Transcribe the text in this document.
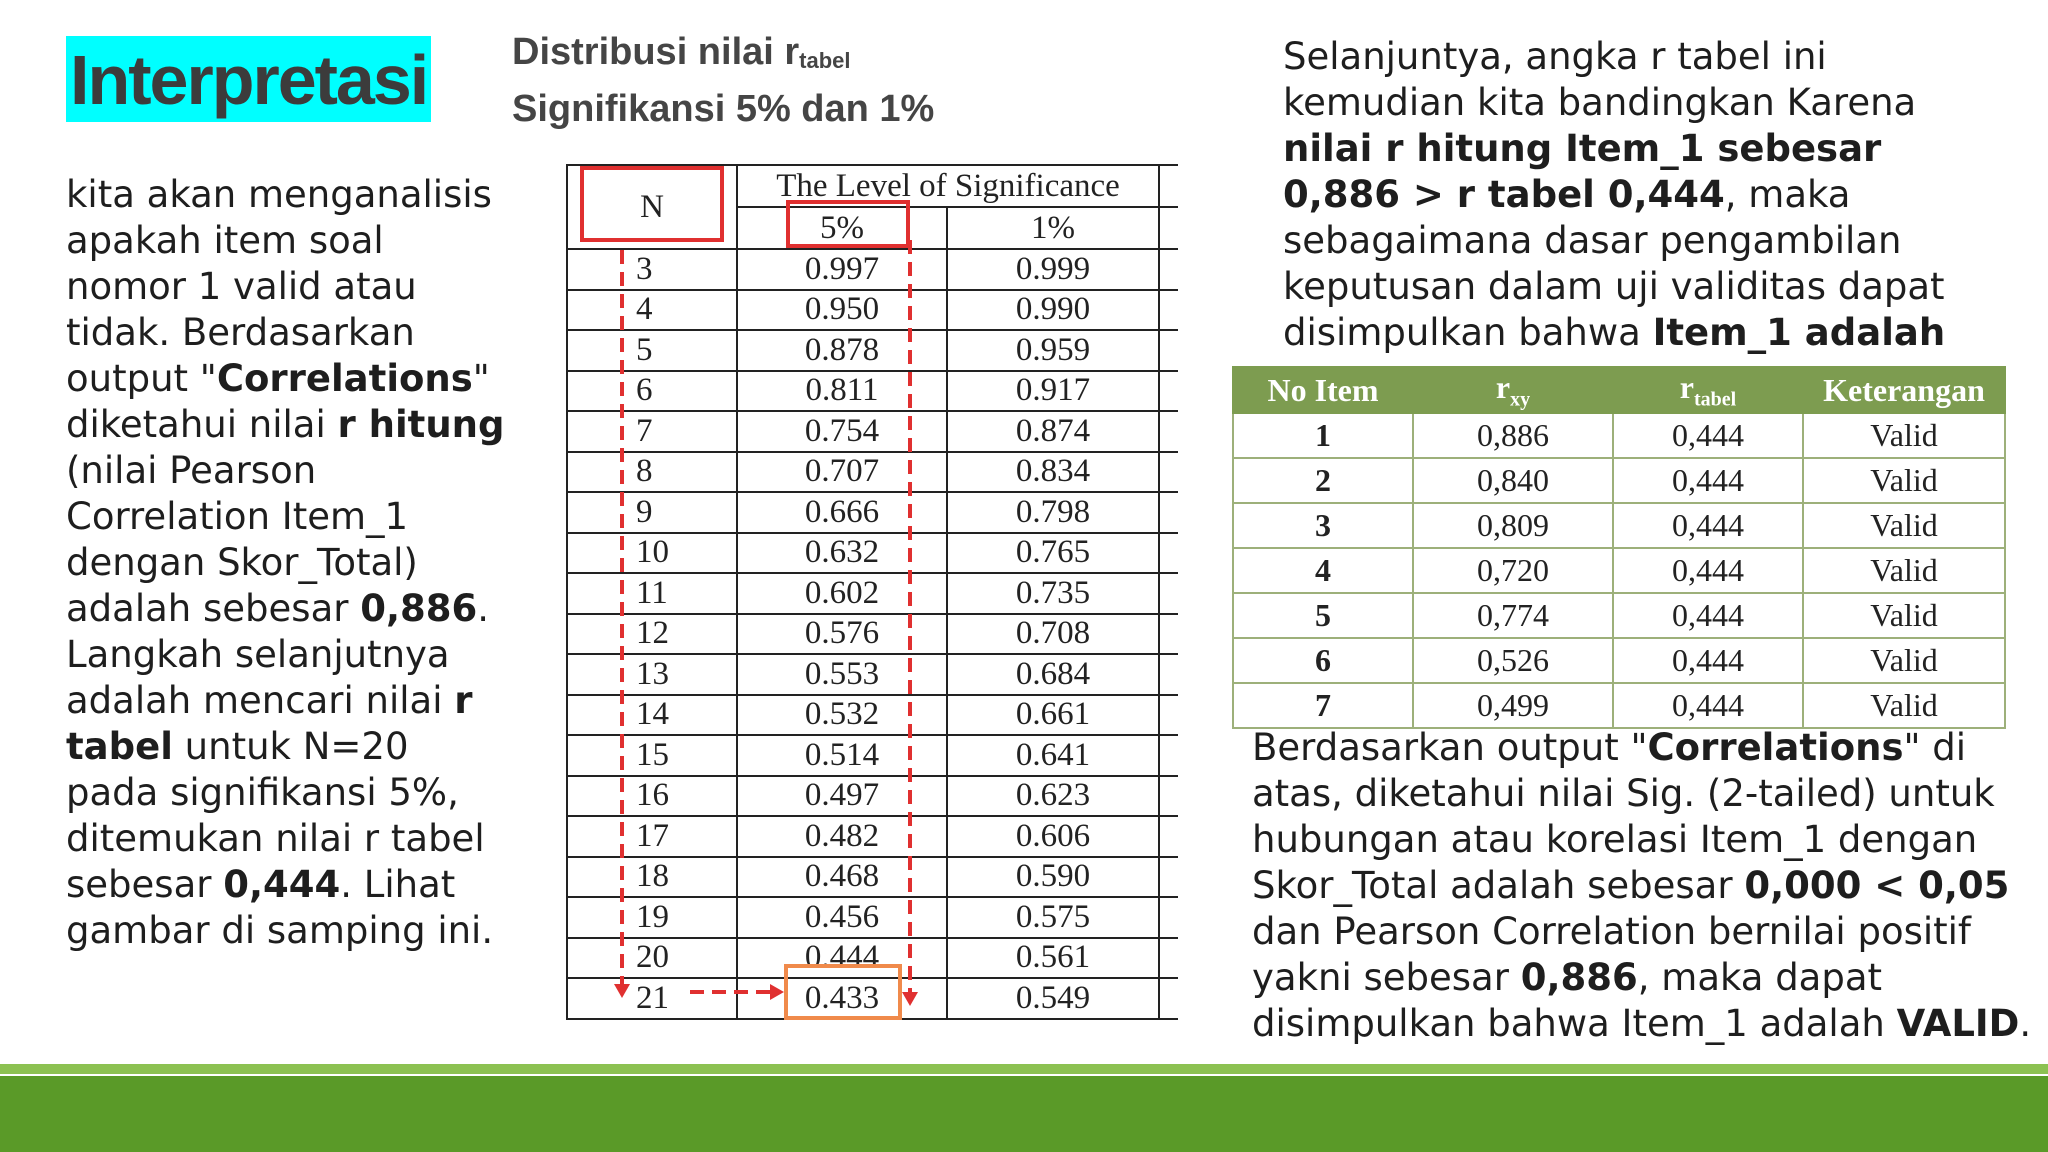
Interpretasi
kita akan menganalisis apakah item soal nomor 1 valid atau tidak. Berdasarkan output "Correlations" diketahui nilai r hitung (nilai Pearson Correlation Item_1 dengan Skor_Total) adalah sebesar 0,886. Langkah selanjutnya adalah mencari nilai r tabel untuk N=20 pada signifikansi 5%, ditemukan nilai r tabel sebesar 0,444. Lihat gambar di samping ini.
Distribusi nilai $r_{tabel}$
Signifikansi 5% dan 1%
N	The Level of Significance		
	5%	1%	
3	0.997	0.999	
4	0.950	0.990	
5	0.878	0.959	
6	0.811	0.917	
7	0.754	0.874	
8	0.707	0.834	
9	0.666	0.798	
10	0.632	0.765	
11	0.602	0.735	
12	0.576	0.708	
13	0.553	0.684	
14	0.532	0.661	
15	0.514	0.641	
16	0.497	0.623	
17	0.482	0.606	
18	0.468	0.590	
19	0.456	0.575	
20	0.444	0.561	
21	0.433	0.549	
Selanjuntya, angka r tabel ini kemudian kita bandingkan Karena nilai r hitung Item_1 sebesar 0,886 > r tabel 0,444, maka sebagaimana dasar pengambilan keputusan dalam uji validitas dapat disimpulkan bahwa Item_1 adalah
No Item	$r_{xy}$	$r_{tabel}$	Keterangan
1	0,886	0,444	Valid
2	0,840	0,444	Valid
3	0,809	0,444	Valid
4	0,720	0,444	Valid
5	0,774	0,444	Valid
6	0,526	0,444	Valid
7	0,499	0,444	Valid
Berdasarkan output "Correlations" di atas, diketahui nilai Sig. (2-tailed) untuk hubungan atau korelasi Item_1 dengan Skor_Total adalah sebesar 0,000 < 0,05 dan Pearson Correlation bernilai positif yakni sebesar 0,886, maka dapat disimpulkan bahwa Item_1 adalah VALID.
